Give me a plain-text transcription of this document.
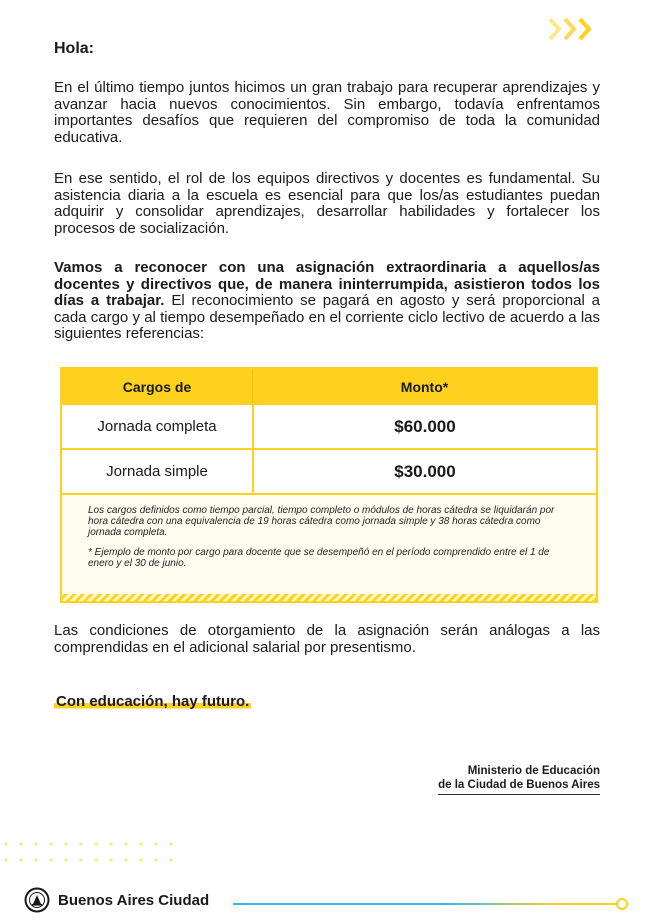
Hola:

En el último tiempo juntos hicimos un gran trabajo para recuperar aprendizajes y avanzar hacia nuevos conocimientos. Sin embargo, todavía enfrentamos importantes desafíos que requieren del compromiso de toda la comunidad educativa.

En ese sentido, el rol de los equipos directivos y docentes es fundamental. Su asistencia diaria a la escuela es esencial para que los/as estudiantes puedan adquirir y consolidar aprendizajes, desarrollar habilidades y fortalecer los procesos de socialización.

Vamos a reconocer con una asignación extraordinaria a aquellos/as docentes y directivos que, de manera ininterrumpida, asistieron todos los días a trabajar. El reconocimiento se pagará en agosto y será proporcional a cada cargo y al tiempo desempeñado en el corriente ciclo lectivo de acuerdo a las siguientes referencias:

Cargos de	Monto*
Jornada completa	$60.000
Jornada simple	$30.000

Los cargos definidos como tiempo parcial, tiempo completo o módulos de horas cátedra se liquidarán por hora cátedra con una equivalencia de 19 horas cátedra como jornada simple y 38 horas cátedra como jornada completa.

* Ejemplo de monto por cargo para docente que se desempeñó en el período comprendido entre el 1 de enero y el 30 de junio.

Las condiciones de otorgamiento de la asignación serán análogas a las comprendidas en el adicional salarial por presentismo.

Con educación, hay futuro.
Ministerio de Educación
de la Ciudad de Buenos Aires
Buenos Aires Ciudad
